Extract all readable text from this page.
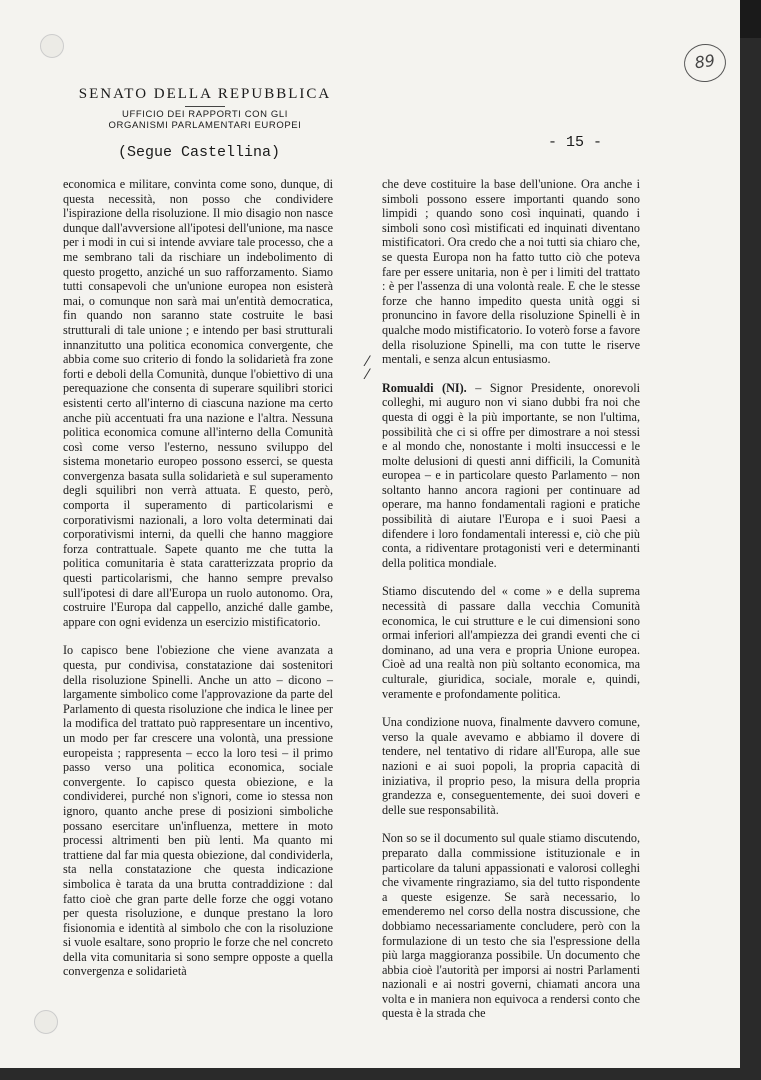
SENATO DELLA REPUBBLICA
UFFICIO DEI RAPPORTI CON GLI
ORGANISMI PARLAMENTARI EUROPEI
(Segue Castellina)
- 15 -
89

economica e militare, convinta come sono, dunque, di questa necessità, non posso che condividere l'ispirazione della risoluzione. Il mio disagio non nasce dunque dall'avversione all'ipotesi dell'unione, ma nasce per i modi in cui si intende avviare tale processo, che a me sembrano tali da rischiare un indebolimento di questo progetto, anziché un suo rafforzamento. Siamo tutti consapevoli che un'unione europea non esisterà mai, o comunque non sarà mai un'entità democratica, fin quando non saranno state costruite le basi strutturali di tale unione ; e intendo per basi strutturali innanzitutto una politica economica convergente, che abbia come suo criterio di fondo la solidarietà fra zone forti e deboli della Comunità, dunque l'obiettivo di una perequazione che consenta di superare squilibri storici esistenti certo all'interno di ciascuna nazione ma certo anche più accentuati fra una nazione e l'altra. Nessuna politica economica comune all'interno della Comunità così come verso l'esterno, nessuno sviluppo del sistema monetario europeo possono esserci, se questa convergenza basata sulla solidarietà e sul superamento degli squilibri non verrà attuata. E questo, però, comporta il superamento di particolarismi e corporativismi nazionali, a loro volta determinati dai corporativismi interni, da quelli che hanno maggiore forza contrattuale. Sapete quanto me che tutta la politica comunitaria è stata caratterizzata proprio da questi particolarismi, che hanno sempre prevalso sull'ipotesi di dare all'Europa un ruolo autonomo. Ora, costruire l'Europa dal cappello, anziché dalle gambe, appare con ogni evidenza un esercizio mistificatorio.

Io capisco bene l'obiezione che viene avanzata a questa, pur condivisa, constatazione dai sostenitori della risoluzione Spinelli. Anche un atto – dicono – largamente simbolico come l'approvazione da parte del Parlamento di questa risoluzione che indica le linee per la modifica del trattato può rappresentare un incentivo, un modo per far crescere una volontà, una pressione europeista ; rappresenta – ecco la loro tesi – il primo passo verso una politica economica, sociale convergente. Io capisco questa obiezione, e la condividerei, purché non s'ignori, come io stessa non ignoro, quanto anche prese di posizioni simboliche possano esercitare un'influenza, mettere in moto processi altrimenti ben più lenti. Ma quanto mi trattiene dal far mia questa obiezione, dal condividerla, sta nella constatazione che questa indicazione simbolica è tarata da una brutta contraddizione : dal fatto cioè che gran parte delle forze che oggi votano per questa risoluzione, e dunque prestano la loro fisionomia e identità al simbolo che con la risoluzione si vuole esaltare, sono proprio le forze che nel concreto della vita comunitaria si sono sempre opposte a quella convergenza e solidarietà

⁄
⁄

che deve costituire la base dell'unione. Ora anche i simboli possono essere importanti quando sono limpidi ; quando sono così inquinati, quando i simboli sono così mistificati ed inquinati diventano mistificatori. Ora credo che a noi tutti sia chiaro che, se questa Europa non ha fatto tutto ciò che poteva fare per essere unitaria, non è per i limiti del trattato : è per l'assenza di una volontà reale. E che le stesse forze che hanno impedito questa unità oggi si pronuncino in favore della risoluzione Spinelli è in qualche modo mistificatorio. Io voterò forse a favore della risoluzione Spinelli, ma con tutte le riserve mentali, e senza alcun entusiasmo.

Romualdi (NI). – Signor Presidente, onorevoli colleghi, mi auguro non vi siano dubbi fra noi che questa di oggi è la più importante, se non l'ultima, possibilità che ci si offre per dimostrare a noi stessi e al mondo che, nonostante i molti insuccessi e le molte delusioni di questi anni difficili, la Comunità europea – e in particolare questo Parlamento – non soltanto hanno ancora ragioni per continuare ad operare, ma hanno fondamentali ragioni e pratiche possibilità di aiutare l'Europa e i suoi Paesi a difendere i loro fondamentali interessi e, ciò che più conta, a ridiventare protagonisti veri e determinanti della politica mondiale.

Stiamo discutendo del « come » e della suprema necessità di passare dalla vecchia Comunità economica, le cui strutture e le cui dimensioni sono ormai inferiori all'ampiezza dei grandi eventi che ci dominano, ad una vera e propria Unione europea. Cioè ad una realtà non più soltanto economica, ma culturale, giuridica, sociale, morale e, quindi, veramente e profondamente politica.

Una condizione nuova, finalmente davvero comune, verso la quale avevamo e abbiamo il dovere di tendere, nel tentativo di ridare all'Europa, alle sue nazioni e ai suoi popoli, la propria capacità di iniziativa, il proprio peso, la misura della propria grandezza e, conseguentemente, dei suoi doveri e delle sue responsabilità.

Non so se il documento sul quale stiamo discutendo, preparato dalla commissione istituzionale e in particolare da taluni appassionati e valorosi colleghi che vivamente ringraziamo, sia del tutto rispondente a queste esigenze. Se sarà necessario, lo emenderemo nel corso della nostra discussione, che dobbiamo necessariamente concludere, però con la formulazione di un testo che sia l'espressione della più larga maggioranza possibile. Un documento che abbia cioè l'autorità per imporsi ai nostri Parlamenti nazionali e ai nostri governi, chiamati ancora una volta e in maniera non equivoca a rendersi conto che questa è la strada che
